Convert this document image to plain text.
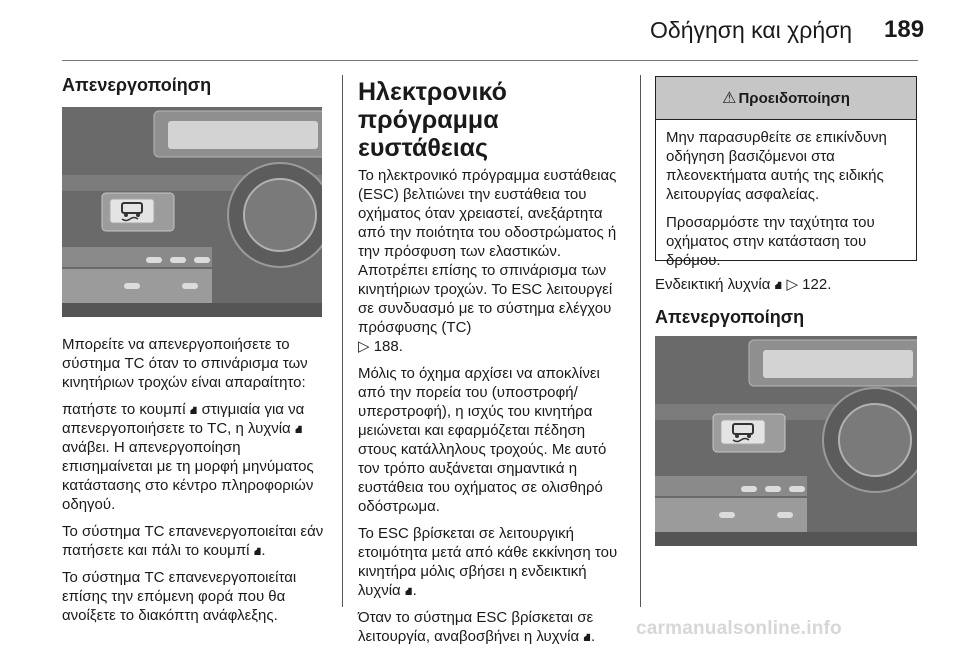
Οδήγηση και χρήση 189
Απενεργοποίηση

Μπορείτε να απενεργοποιήσετε το σύστημα TC όταν το σπινάρισμα των κινητήριων τροχών είναι απαραίτητο:

πατήστε το κουμπί ⛘ στιγμιαία για να απενεργοποιήσετε το TC, η λυχνία ⛘ ανάβει. Η απενεργοποίηση επισημαίνεται με τη μορφή μηνύματος κατάστασης στο κέντρο πληροφοριών οδηγού.

Το σύστημα TC επανενεργοποιείται εάν πατήσετε και πάλι το κουμπί ⛘.

Το σύστημα TC επανενεργοποιείται επίσης την επόμενη φορά που θα ανοίξετε το διακόπτη ανάφλεξης.

Ηλεκτρονικό πρόγραμμα
ευστάθειας

Το ηλεκτρονικό πρόγραμμα ευστάθειας (ESC) βελτιώνει την ευστάθεια του οχήματος όταν χρειαστεί, ανεξάρτητα από την ποιότητα του οδοστρώματος ή την πρόσφυση των ελαστικών. Αποτρέπει επίσης το σπινάρισμα των κινητήριων τροχών. Το ESC λειτουργεί σε συνδυασμό με το σύστημα ελέγχου πρόσφυσης (TC)
▷ 188.

Μόλις το όχημα αρχίσει να αποκλίνει από την πορεία του (υποστροφή/υπερστροφή), η ισχύς του κινητήρα μειώνεται και εφαρμόζεται πέδηση στους κατάλληλους τροχούς. Με αυτό τον τρόπο αυξάνεται σημαντικά η ευστάθεια του οχήματος σε ολισθηρό οδόστρωμα.

Το ESC βρίσκεται σε λειτουργική ετοιμότητα μετά από κάθε εκκίνηση του κινητήρα μόλις σβήσει η ενδεικτική λυχνία ⛘.

Όταν το σύστημα ESC βρίσκεται σε λειτουργία, αναβοσβήνει η λυχνία ⛘.

⚠ Προειδοποίηση

Μην παρασυρθείτε σε επικίνδυνη οδήγηση βασιζόμενοι στα πλεονεκτήματα αυτής της ειδικής λειτουργίας ασφαλείας.

Προσαρμόστε την ταχύτητα του οχήματος στην κατάσταση του δρόμου.

Ενδεικτική λυχνία ⛘ ▷ 122.

Απενεργοποίηση
carmanualsonline.info
